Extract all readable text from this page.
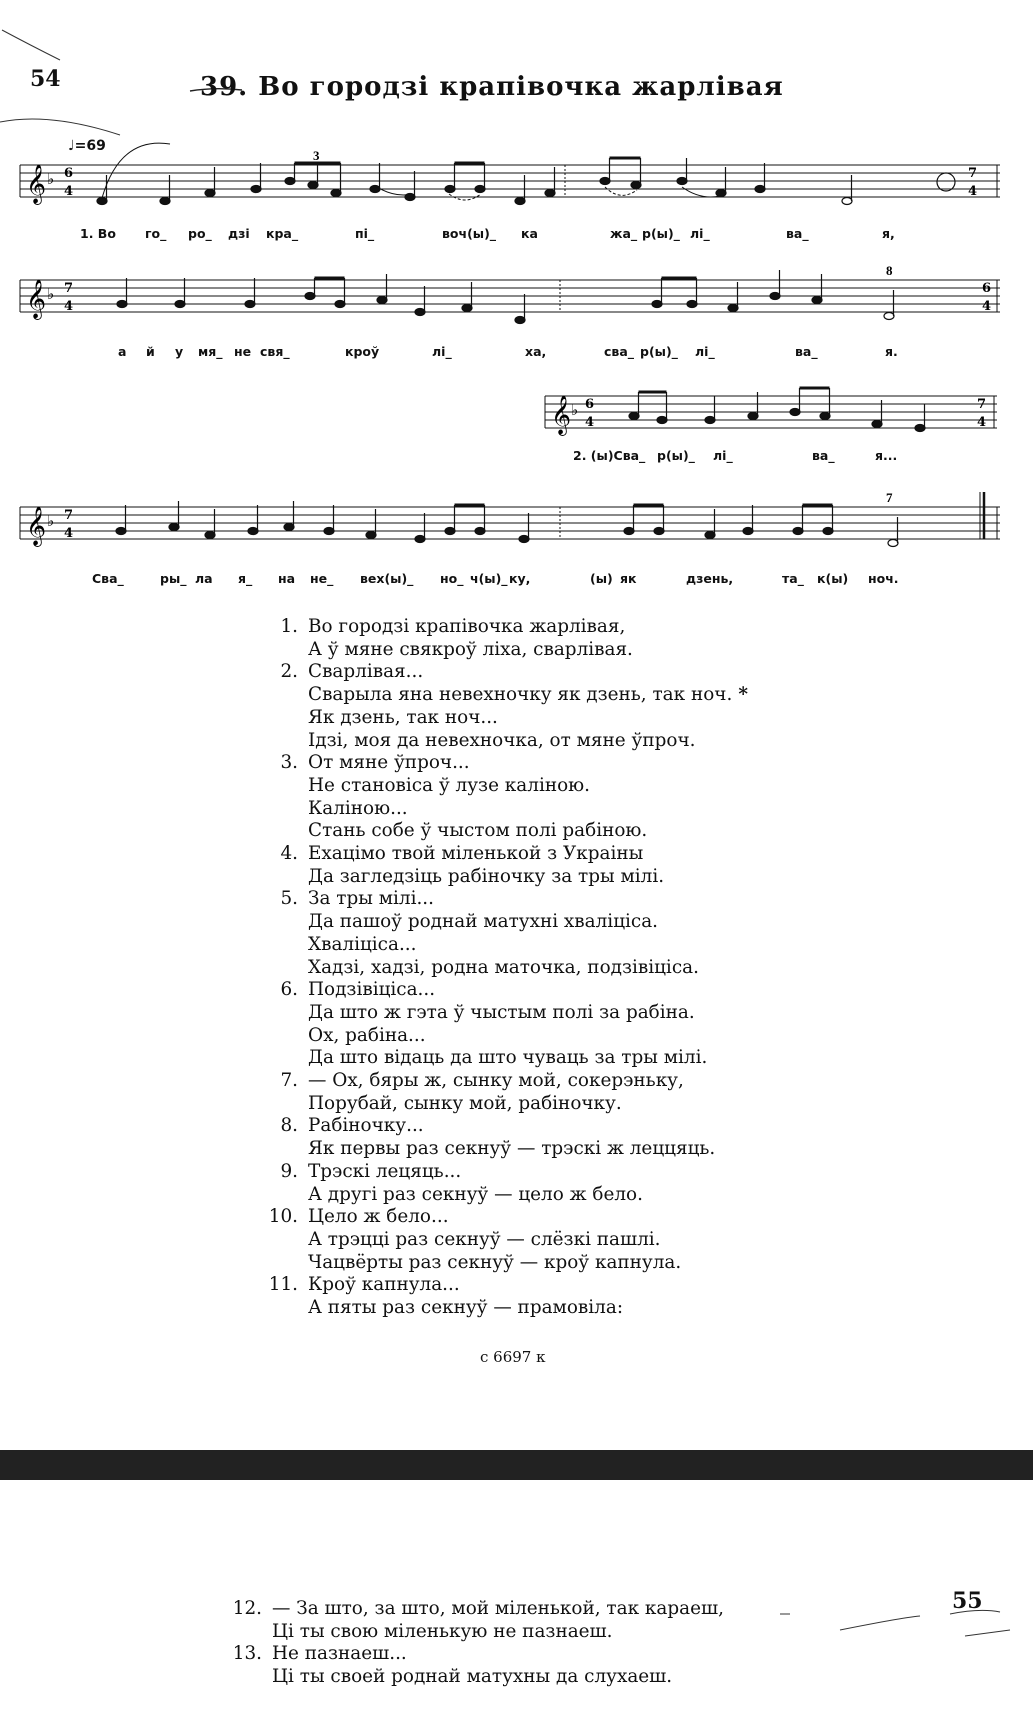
54	39. Во городзі крапівочка жарлівая
♩=69
𝄞 ♭ 6
4
7
4
3
1. Во го_ ро_ дзі кра_	пі_	воч(ы)_ ка	жа_ р(ы)_ лі_	ва_	я,
𝄞 ♭ 7
4
6
4
8
а й у мя_ не свя_	кроў	лі_	ха,	сва_ р(ы)_ лі_	ва_	я.
𝄞 ♭ 6
4
7
4
2. (ы)Сва_ р(ы)_ лі_	ва_	я...
𝄞 ♭ 7
4
7
Сва_	ры_ ла я_ на не_ вех(ы)_ но_ ч(ы)_ ку,	(ы) як	дзень,	та_ к(ы) ноч.
1. Во городзі крапівочка жарлівая,
А ў мяне свякроў ліха, сварлівая.
2. Сварлівая...
Сварыла яна невехночку як дзень, так ноч. *
Як дзень, так ноч...
Ідзі, моя да невехночка, от мяне ўпроч.
3. От мяне ўпроч...
Не становіса ў лузе каліною.
Каліною...
Стань собе ў чыстом полі рабіною.
4. Ехацімо твой міленькой з Украіны
Да загледзіць рабіночку за тры мілі.
5. За тры мілі...
Да пашоў роднай матухні хваліціса.
Хваліціса...
Хадзі, хадзі, родна маточка, подзівіціса.
6. Подзівіціса...
Да што ж гэта ў чыстым полі за рабіна.
Ох, рабіна...
Да што відаць да што чуваць за тры мілі.
7. — Ох, бяры ж, сынку мой, сокерэньку,
Порубай, сынку мой, рабіночку.
8. Рабіночку...
Як первы раз секнуў — трэскі ж леццяць.
9. Трэскі лецяць...
А другі раз секнуў — цело ж бело.
10. Цело ж бело...
А трэцці раз секнуў — слёзкі пашлі.
Чацвёрты раз секнуў — кроў капнула.
11. Кроў капнула...
А пяты раз секнуў — прамовіла:
с 6697 к
55
12. — За што, за што, мой міленькой, так караеш,
Ці ты свою міленькую не пазнаеш.
13. Не пазнаеш...
Ці ты своей роднай матухны да слухаеш.
